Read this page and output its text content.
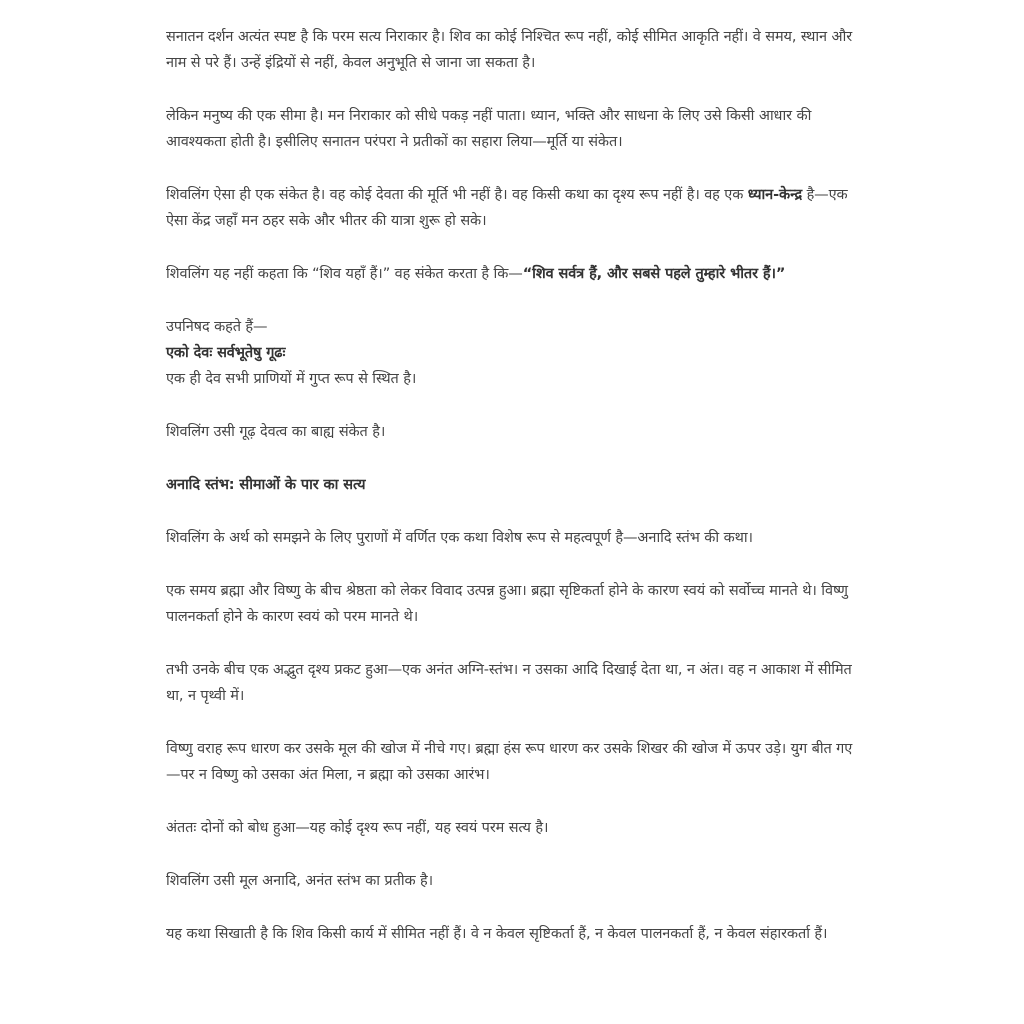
सनातन दर्शन अत्यंत स्पष्ट है कि परम सत्य निराकार है। शिव का कोई निश्चित रूप नहीं, कोई सीमित आकृति नहीं। वे समय, स्थान और नाम से परे हैं। उन्हें इंद्रियों से नहीं, केवल अनुभूति से जाना जा सकता है।

लेकिन मनुष्य की एक सीमा है। मन निराकार को सीधे पकड़ नहीं पाता। ध्यान, भक्ति और साधना के लिए उसे किसी आधार की आवश्यकता होती है। इसीलिए सनातन परंपरा ने प्रतीकों का सहारा लिया—मूर्ति या संकेत।

शिवलिंग ऐसा ही एक संकेत है। वह कोई देवता की मूर्ति भी नहीं है। वह किसी कथा का दृश्य रूप नहीं है। वह एक ध्यान-केन्द्र है—एक ऐसा केंद्र जहाँ मन ठहर सके और भीतर की यात्रा शुरू हो सके।

शिवलिंग यह नहीं कहता कि “शिव यहाँ हैं।” वह संकेत करता है कि—“शिव सर्वत्र हैं, और सबसे पहले तुम्हारे भीतर हैं।”

उपनिषद कहते हैं—

एको देवः सर्वभूतेषु गूढः

एक ही देव सभी प्राणियों में गुप्त रूप से स्थित है।

शिवलिंग उसी गूढ़ देवत्व का बाह्य संकेत है।

अनादि स्तंभ: सीमाओं के पार का सत्य

शिवलिंग के अर्थ को समझने के लिए पुराणों में वर्णित एक कथा विशेष रूप से महत्वपूर्ण है—अनादि स्तंभ की कथा।

एक समय ब्रह्मा और विष्णु के बीच श्रेष्ठता को लेकर विवाद उत्पन्न हुआ। ब्रह्मा सृष्टिकर्ता होने के कारण स्वयं को सर्वोच्च मानते थे। विष्णु पालनकर्ता होने के कारण स्वयं को परम मानते थे।

तभी उनके बीच एक अद्भुत दृश्य प्रकट हुआ—एक अनंत अग्नि-स्तंभ। न उसका आदि दिखाई देता था, न अंत। वह न आकाश में सीमित था, न पृथ्वी में।

विष्णु वराह रूप धारण कर उसके मूल की खोज में नीचे गए। ब्रह्मा हंस रूप धारण कर उसके शिखर की खोज में ऊपर उड़े। युग बीत गए—पर न विष्णु को उसका अंत मिला, न ब्रह्मा को उसका आरंभ।

अंततः दोनों को बोध हुआ—यह कोई दृश्य रूप नहीं, यह स्वयं परम सत्य है।

शिवलिंग उसी मूल अनादि, अनंत स्तंभ का प्रतीक है।

यह कथा सिखाती है कि शिव किसी कार्य में सीमित नहीं हैं। वे न केवल सृष्टिकर्ता हैं, न केवल पालनकर्ता हैं, न केवल संहारकर्ता हैं।
